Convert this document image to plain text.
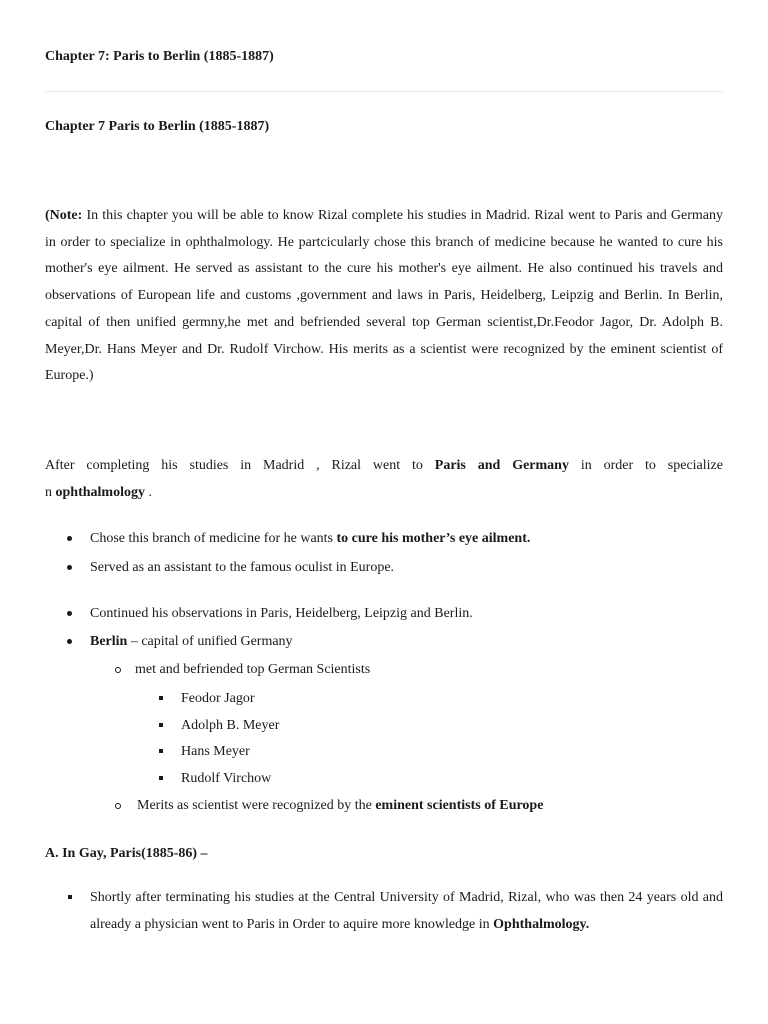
Chapter 7: Paris to Berlin (1885-1887)
Chapter 7 Paris to Berlin (1885-1887)
(Note: In this chapter you will be able to know Rizal complete his studies in Madrid. Rizal went to Paris and Germany in order to specialize in ophthalmology. He partcicularly chose this branch of medicine because he wanted to cure his mother's eye ailment. He served as assistant to the cure his mother's eye ailment. He also continued his travels and observations of European life and customs ,government and laws in Paris, Heidelberg, Leipzig and Berlin. In Berlin, capital of then unified germny,he met and befriended several top German scientist,Dr.Feodor Jagor, Dr. Adolph B. Meyer,Dr. Hans Meyer and Dr. Rudolf Virchow. His merits as a scientist were recognized by the eminent scientist of Europe.)
After completing his studies in Madrid , Rizal went to Paris and Germany in order to specialize
n ophthalmology .
Chose this branch of medicine for he wants to cure his mother’s eye ailment.
Served as an assistant to the famous oculist in Europe.
Continued his observations in Paris, Heidelberg, Leipzig and Berlin.
Berlin – capital of unified Germany
met and befriended top German Scientists
Feodor Jagor
Adolph B. Meyer
Hans Meyer
Rudolf Virchow
Merits as scientist were recognized by the eminent scientists of Europe
A. In Gay, Paris(1885-86) –
Shortly after terminating his studies at the Central University of Madrid, Rizal, who was then 24 years old and already a physician went to Paris in Order to aquire more knowledge in Ophthalmology.
